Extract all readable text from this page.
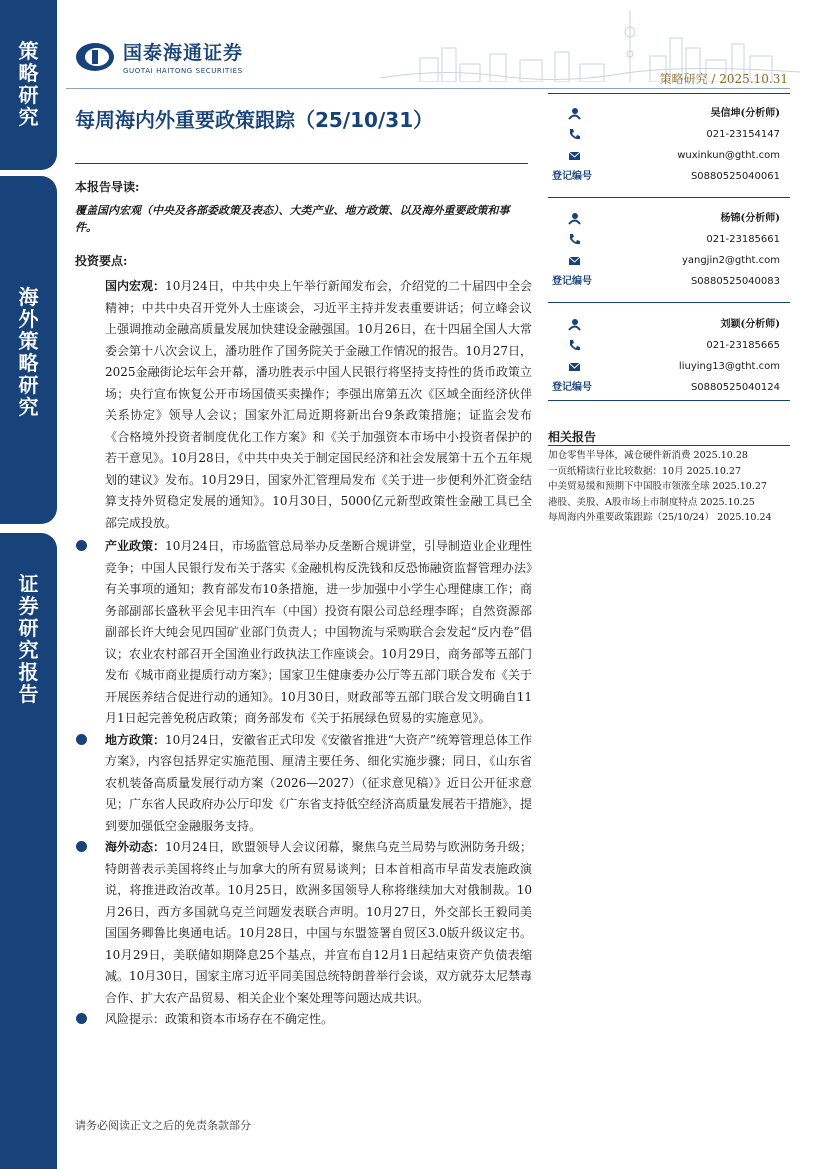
策
略
研
究
海
外
策
略
研
究
证
券
研
究
报
告
国泰海通证券
GUOTAI HAITONG SECURITIES
策略研究 / 2025.10.31
每周海内外重要政策跟踪（25/10/31）
本报告导读:
覆盖国内宏观（中央及各部委政策及表态）、大类产业、地方政策、以及海外重要政策和事件。
投资要点:
国内宏观：10月24日，中共中央上午举行新闻发布会，介绍党的二十届四中全会精神；中共中央召开党外人士座谈会，习近平主持并发表重要讲话；何立峰会议上强调推动金融高质量发展加快建设金融强国。10月26日，在十四届全国人大常委会第十八次会议上，潘功胜作了国务院关于金融工作情况的报告。10月27日，2025金融街论坛年会开幕，潘功胜表示中国人民银行将坚持支持性的货币政策立场；央行宣布恢复公开市场国债买卖操作；李强出席第五次《区域全面经济伙伴关系协定》领导人会议；国家外汇局近期将新出台9条政策措施；证监会发布《合格境外投资者制度优化工作方案》和《关于加强资本市场中小投资者保护的若干意见》。10月28日，《中共中央关于制定国民经济和社会发展第十五个五年规划的建议》发布。10月29日，国家外汇管理局发布《关于进一步便利外汇资金结算支持外贸稳定发展的通知》。10月30日，5000亿元新型政策性金融工具已全部完成投放。
产业政策：10月24日，市场监管总局举办反垄断合规讲堂，引导制造业企业理性竞争；中国人民银行发布关于落实《金融机构反洗钱和反恐怖融资监督管理办法》有关事项的通知；教育部发布10条措施，进一步加强中小学生心理健康工作；商务部副部长盛秋平会见丰田汽车（中国）投资有限公司总经理李晖；自然资源部副部长许大纯会见四国矿业部门负责人；中国物流与采购联合会发起“反内卷”倡议；农业农村部召开全国渔业行政执法工作座谈会。10月29日，商务部等五部门发布《城市商业提质行动方案》；国家卫生健康委办公厅等五部门联合发布《关于开展医养结合促进行动的通知》。10月30日，财政部等五部门联合发文明确自11月1日起完善免税店政策；商务部发布《关于拓展绿色贸易的实施意见》。
地方政策：10月24日，安徽省正式印发《安徽省推进“大资产”统筹管理总体工作方案》，内容包括界定实施范围、厘清主要任务、细化实施步骤；同日，《山东省农机装备高质量发展行动方案（2026—2027）（征求意见稿）》近日公开征求意见；广东省人民政府办公厅印发《广东省支持低空经济高质量发展若干措施》，提到要加强低空金融服务支持。
海外动态：10月24日，欧盟领导人会议闭幕，聚焦乌克兰局势与欧洲防务升级；特朗普表示美国将终止与加拿大的所有贸易谈判；日本首相高市早苗发表施政演说，将推进政治改革。10月25日，欧洲多国领导人称将继续加大对俄制裁。10月26日，西方多国就乌克兰问题发表联合声明。10月27日，外交部长王毅同美国国务卿鲁比奥通电话。10月28日，中国与东盟签署自贸区3.0版升级议定书。10月29日，美联储如期降息25个基点，并宣布自12月1日起结束资产负债表缩减。10月30日，国家主席习近平同美国总统特朗普举行会谈，双方就芬太尼禁毒合作、扩大农产品贸易、相关企业个案处理等问题达成共识。
风险提示：政策和资本市场存在不确定性。
吴信坤(分析师)
021-23154147
wuxinkun@gtht.com
登记编号	S0880525040061
杨锦(分析师)
021-23185661
yangjin2@gtht.com
登记编号	S0880525040083
刘颖(分析师)
021-23185665
liuying13@gtht.com
登记编号	S0880525040124
相关报告

加仓零售半导体，减仓硬件新消费 2025.10.28

一页纸精读行业比较数据：10月 2025.10.27

中美贸易缓和预期下中国股市领涨全球 2025.10.27

港股、美股、A股市场上市制度特点 2025.10.25

每周海内外重要政策跟踪（25/10/24） 2025.10.24

请务必阅读正文之后的免责条款部分
